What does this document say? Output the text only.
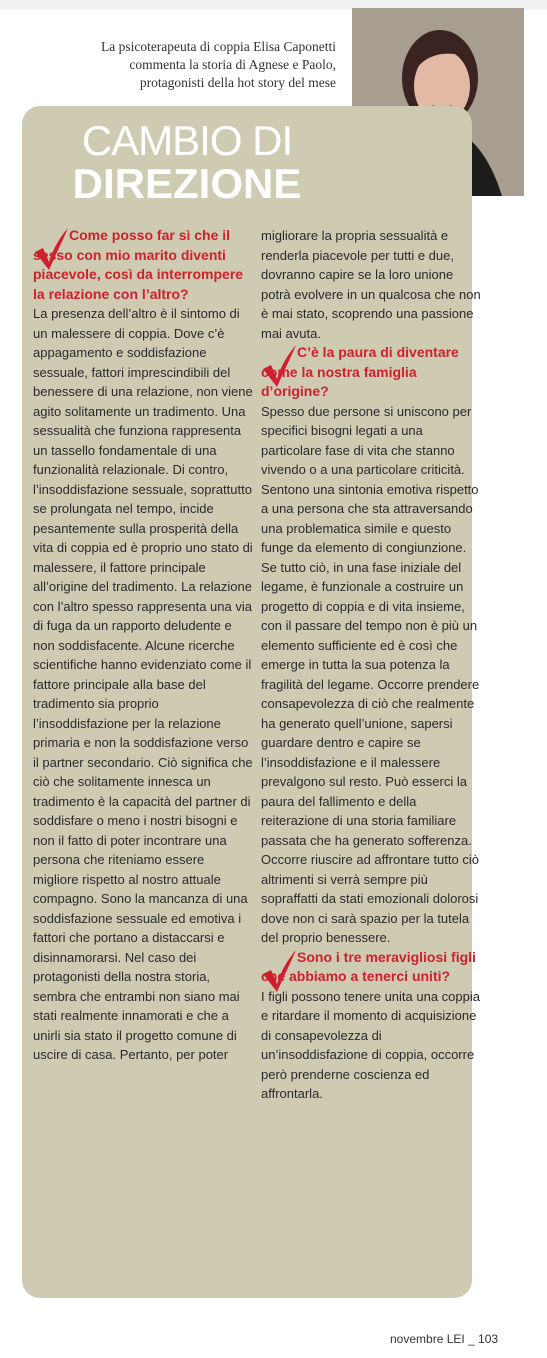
La psicoterapeuta di coppia Elisa Caponetti
commenta la storia di Agnese e Paolo,
protagonisti della hot story del mese
CAMBIO DI
DIREZIONE
Come posso far sì che il sesso con mio marito diventi piacevole, così da interrompere la relazione con l’altro?

La presenza dell’altro è il sintomo di un malessere di coppia. Dove c’è appagamento e soddisfazione sessuale, fattori imprescindibili del benessere di una relazione, non viene agito solitamente un tradimento. Una sessualità che funziona rappresenta un tassello fondamentale di una funzionalità relazionale. Di contro, l’insoddisfazione sessuale, soprattutto se prolungata nel tempo, incide pesantemente sulla prosperità della vita di coppia ed è proprio uno stato di malessere, il fattore principale all’origine del tradimento. La relazione con l’altro spesso rappresenta una via di fuga da un rapporto deludente e non soddisfacente. Alcune ricerche scientifiche hanno evidenziato come il fattore principale alla base del tradimento sia proprio l’insoddisfazione per la relazione primaria e non la soddisfazione verso il partner secondario. Ciò significa che ciò che solitamente innesca un tradimento è la capacità del partner di soddisfare o meno i nostri bisogni e non il fatto di poter incontrare una persona che riteniamo essere migliore rispetto al nostro attuale compagno. Sono la mancanza di una soddisfazione sessuale ed emotiva i fattori che portano a distaccarsi e disinnamorarsi. Nel caso dei protagonisti della nostra storia, sembra che entrambi non siano mai stati realmente innamorati e che a unirli sia stato il progetto comune di uscire di casa. Pertanto, per poter

migliorare la propria sessualità e renderla piacevole per tutti e due, dovranno capire se la loro unione potrà evolvere in un qualcosa che non è mai stato, scoprendo una passione mai avuta.

C’è la paura di diventare come la nostra famiglia d’origine?

Spesso due persone si uniscono per specifici bisogni legati a una particolare fase di vita che stanno vivendo o a una particolare criticità. Sentono una sintonia emotiva rispetto a una persona che sta attraversando una problematica simile e questo funge da elemento di congiunzione. Se tutto ciò, in una fase iniziale del legame, è funzionale a costruire un progetto di coppia e di vita insieme, con il passare del tempo non è più un elemento sufficiente ed è così che emerge in tutta la sua potenza la fragilità del legame. Occorre prendere consapevolezza di ciò che realmente ha generato quell’unione, sapersi guardare dentro e capire se l’insoddisfazione e il malessere prevalgono sul resto. Può esserci la paura del fallimento e della reiterazione di una storia familiare passata che ha generato sofferenza. Occorre riuscire ad affrontare tutto ciò altrimenti si verrà sempre più sopraffatti da stati emozionali dolorosi dove non ci sarà spazio per la tutela del proprio benessere.

Sono i tre meravigliosi figli che abbiamo a tenerci uniti?

I figli possono tenere unita una coppia e ritardare il momento di acquisizione di consapevolezza di un’insoddisfazione di coppia, occorre però prenderne coscienza ed affrontarla.

novembre LEI _ 103
